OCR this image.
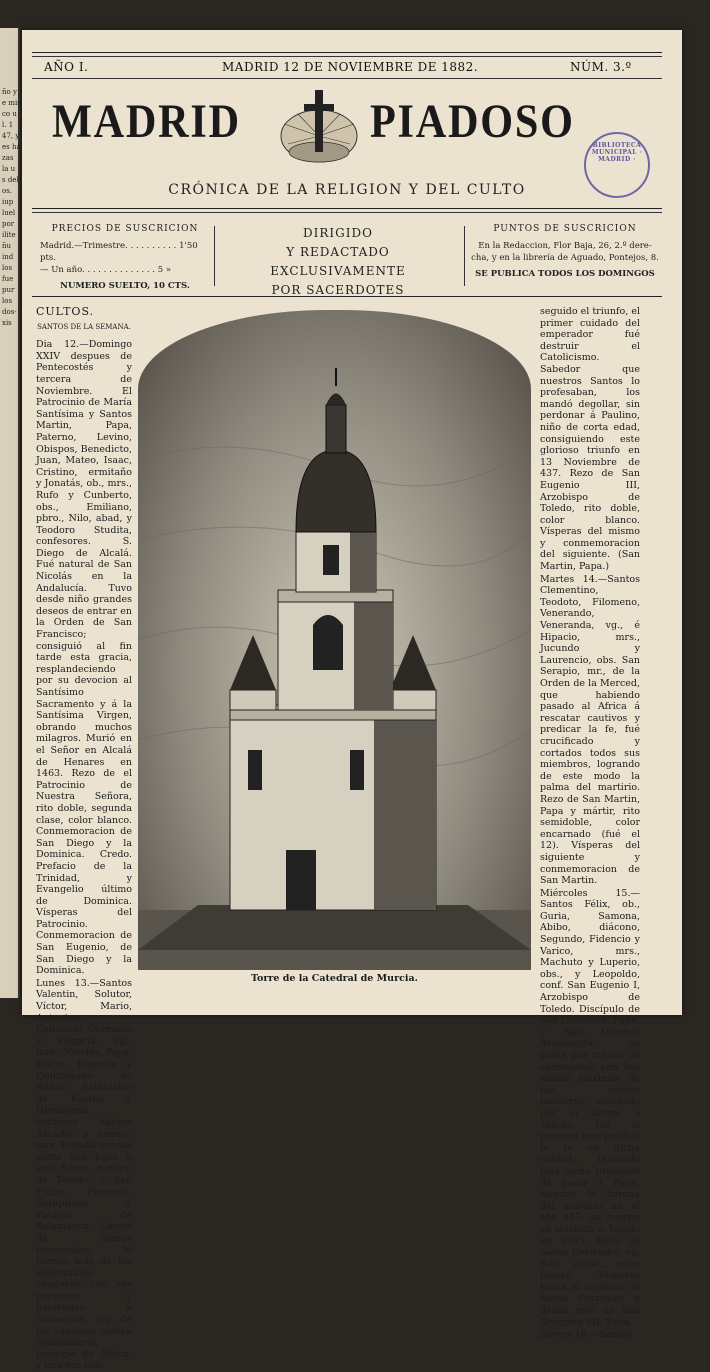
ño y
e mis
co u
l. 1
47, y
es ha
zas
la u
s del
os.
iup
luel
por
ilite
ñu
ind
los
fue
pur
los
dos-
xis
AÑO I.	MADRID 12 DE NOVIEMBRE DE 1882.	NÚM. 3.º
MADRID	PIADOSO	BIBLIOTECA MUNICIPAL · MADRID ·
CRÓNICA DE LA RELIGION Y DEL CULTO
PRECIOS DE SUSCRICION
Madrid.—Trimestre. . . . . . . . . . 1'50 pts.
— Un año. . . . . . . . . . . . . . 5 »
NUMERO SUELTO, 10 CTS.
DIRIGIDO
Y REDACTADO EXCLUSIVAMENTE
POR SACERDOTES
PUNTOS DE SUSCRICION
En la Redaccion, Flor Baja, 26, 2.º dere-
cha, y en la librería de Aguado, Pontejos, 8.
SE PUBLICA TODOS LOS DOMINGOS

CULTOS.

SANTOS DE LA SEMANA.

Dia 12.—Domingo XXIV despues de Pentecostés y tercera de Noviembre. El Patrocinio de María Santísima y Santos Martin, Papa, Paterno, Levino, Obispos, Benedicto, Juan, Mateo, Isaac, Cristino, ermitaño y Jonatás, ob., mrs., Rufo y Cunberto, obs., Emiliano, pbro., Nilo, abad, y Teodoro Studita, confesores. S. Diego de Alcalá. Fué natural de San Nicolás en la Andalucía. Tuvo desde niño grandes deseos de entrar en la Orden de San Francisco; consiguió al fin tarde esta gracia, resplandeciendo por su devocion al Santísimo Sacramento y á la Santísima Virgen, obrando muchos milagros. Murió en el Señor en Alcalá de Henares en 1463. Rezo de el Patrocinio de Nuestra Señora, rito doble, segunda clase, color blanco. Conmemoracion de San Diego y la Dominica. Credo. Prefacio de la Trinidad, y Evangelio último de Dominica. Vísperas del Patrocinio. Conmemoracion de San Eugenio, de San Diego y la Dominica.

Lunes 13.—Santos Valentin, Solutor, Víctor, Mario, Antonino, Celidonio, Germano y Engaria, vg., mrs., Nicolás, Papa, Bricio, Eugenio y Quintiniano de Rodez, Estanislao de Kostka y Homobono, confesor. Santos Arcadio y comps. mrs. España cuenta entre sus hijos á este Santo, natural de Toledo, y San Probo, Procesio, Eutiquiano y Paulino de Salamanca. Llenos de bienes temporales, lo fueron más de los espirituales; ayudaron con sus personas y haciendas á Genserico, rey de los vándalos contra Valentiniano, príncipe de Africa, y una vez con-

Torre de la Catedral de Murcia.

seguido el triunfo, el primer cuidado del emperador fué destruir el Catolicismo. Sabedor que nuestros Santos lo profesaban, los mandó degollar, sin perdonar á Paulino, niño de corta edad, consiguiendo este glorioso triunfo en 13 Noviembre de 437. Rezo de San Eugenio III, Arzobispo de Toledo, rito doble, color blanco. Vísperas del mismo y conmemoracion del siguiente. (San Martin, Papa.)

Martes 14.—Santos Clementino, Teodoto, Filomeno, Venerando, Veneranda, vg., é Hipacio, mrs., Jucundo y Laurencio, obs. San Serapio, mr., de la Orden de la Merced, que habiendo pasado al Africa á rescatar cautivos y predicar la fe, fué crucificado y cortados todos sus miembros, logrando de este modo la palma del martirio. Rezo de San Martin, Papa y mártir, rito semidoble, color encarnado (fué el 12). Vísperas del siguiente y conmemoracion de San Martin.

Miércoles 15.—Santos Félix, ob., Guria, Samona, Abibo, diácono, Segundo, Fidencio y Varico, mrs., Machuto y Luperio, obs., y Leopoldo, conf. San Eugenio I, Arzobispo de Toledo. Discípulo de San Clemente, Papa, y San Dionisio Areopagita, no podía por ménos de aprovechar con tan sabias máximas de tan santos maestros: mandado por el último á Toledo, fué el primero que predicó la fe en dicha ciudad. Teniendo más tarde precision de pasar á Paris, alcanzó la corona del martirio en el año 417; su cuerpo se trasladó á Toledo en 1565. Rezo de Santa Gertrudis, vg. Rito doble, color blanco. Vísperas hasta el capítulo de Santa Gertrudis y desde éste de San Gregorio VII, Papa.

Jueves 16.—Santos
